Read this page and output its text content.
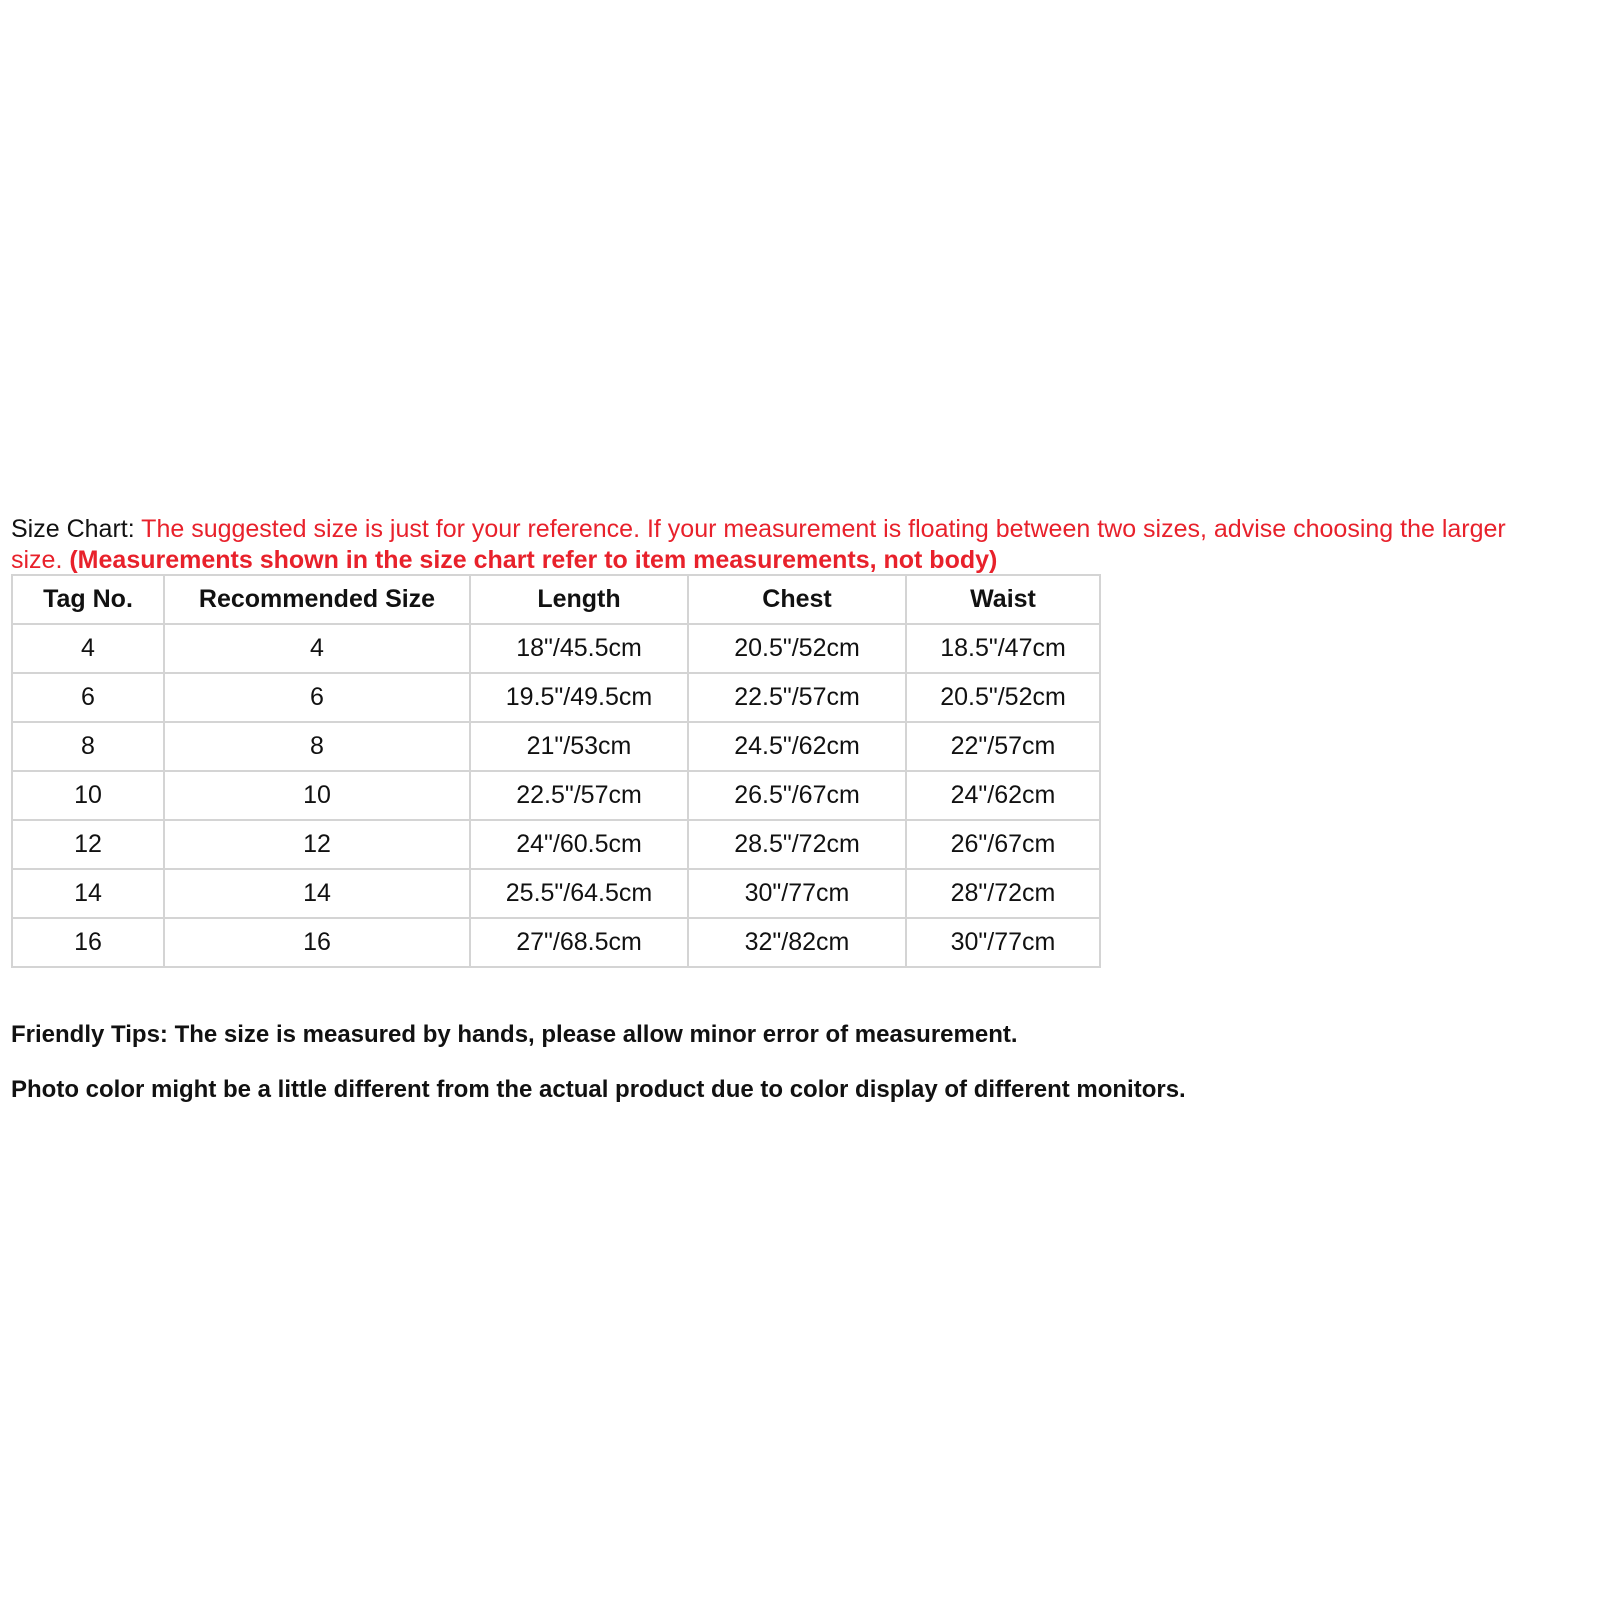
Size Chart: The suggested size is just for your reference. If your measurement is floating between two sizes, advise choosing the larger
size. (Measurements shown in the size chart refer to item measurements, not body)
Tag No.	Recommended Size	Length	Chest	Waist
4	4	18"/45.5cm	20.5"/52cm	18.5"/47cm
6	6	19.5"/49.5cm	22.5"/57cm	20.5"/52cm
8	8	21"/53cm	24.5"/62cm	22"/57cm
10	10	22.5"/57cm	26.5"/67cm	24"/62cm
12	12	24"/60.5cm	28.5"/72cm	26"/67cm
14	14	25.5"/64.5cm	30"/77cm	28"/72cm
16	16	27"/68.5cm	32"/82cm	30"/77cm
Friendly Tips: The size is measured by hands, please allow minor error of measurement.
Photo color might be a little different from the actual product due to color display of different monitors.
